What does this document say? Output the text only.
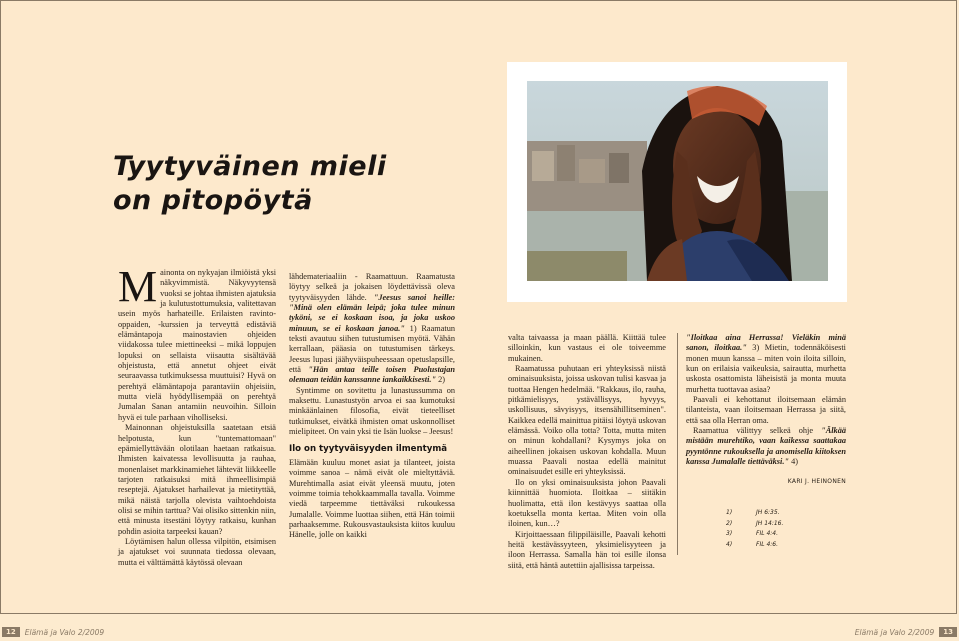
Tyytyväinen mieli
on pitopöytä

Mainonta on nykyajan ilmiöistä yksi näkyvimmistä. Näkyvyytensä vuoksi se johtaa ihmisten ajatuksia ja kulutustottumuksia, valitettavan usein myös harhateille. Erilaisten ravinto-oppaiden, -kurssien ja terveyttä edistäviä elämäntapoja mainostavien ohjeiden viidakossa tulee miettineeksi – mikä loppujen lopuksi on sellaista viisautta sisältävää ohjeistusta, että annetut ohjeet eivät seuraavassa tutkimuksessa muuttuisi? Hyvä on perehtyä elämäntapoja parantaviin ohjeisiin, mutta vielä hyödyllisempää on perehtyä Jumalan Sanan antamiin neuvoihin. Silloin hyvä ei tule parhaan viholliseksi.

Mainonnan ohjeistuksilla saatetaan etsiä helpotusta, kun "tuntemattomaan" epämiellyttävään olotilaan haetaan ratkaisua. Ihmisten kaivatessa levollisuutta ja rauhaa, monenlaiset markkinamiehet lähtevät liikkeelle tarjoten ratkaisuksi mitä ihmeellisimpiä reseptejä. Ajatukset harhailevat ja mietityttää, mikä näistä tarjolla olevista vaihtoehdoista olisi se mihin tarttua? Vai olisiko sittenkin niin, että minusta itsestäni löytyy ratkaisu, kunhan pohdin asioita tarpeeksi kauan?

Löytämisen halun ollessa vilpitön, etsimisen ja ajatukset voi suunnata tiedossa olevaan, mutta ei välttämättä käytössä olevaan

lähdemateriaaliin - Raamattuun. Raamatusta löytyy selkeä ja jokaisen löydettävissä oleva tyytyväisyyden lähde. "Jeesus sanoi heille: "Minä olen elämän leipä; joka tulee minun tyköni, se ei koskaan isoa, ja joka uskoo minuun, se ei koskaan janoa." 1) Raamatun teksti avautuu siihen tutustumisen myötä. Vähän kerrallaan, pääasia on tutustumisen tärkeys. Jeesus lupasi jäähyväispuheessaan opetuslapsille, että "Hän antaa teille toisen Puolustajan olemaan teidän kanssanne iankaikkisesti." 2)

Syntimme on sovitettu ja lunastussumma on maksettu. Lunastustyön arvoa ei saa kumotuksi minkäänlainen filosofia, eivät tieteelliset tutkimukset, eivätkä ihmisten omat uskonnolliset mielipiteet. On vain yksi tie Isän luokse – Jeesus!

Ilo on tyytyväisyyden ilmentymä

Elämään kuuluu monet asiat ja tilanteet, joista voimme sanoa – nämä eivät ole mieltyttäviä. Murehtimalla asiat eivät yleensä muutu, joten voimme toimia tehokkaammalla tavalla. Voimme viedä tarpeemme tiettäväksi rukoukessa Jumalalle. Voimme luottaa siihen, että Hän toimii parhaaksemme. Rukousvastauksista kiitos kuuluu Hänelle, jolle on kaikki

valta taivaassa ja maan päällä. Kiittää tulee silloinkin, kun vastaus ei ole toiveemme mukainen.

Raamatussa puhutaan eri yhteyksissä niistä ominaisuuksista, joissa uskovan tulisi kasvaa ja tuottaa Hengen hedelmää. "Rakkaus, ilo, rauha, pitkämielisyys, ystävällisyys, hyvyys, uskollisuus, sävyisyys, itsensähillitseminen". Kaikkea edellä mainittua pitäisi löytyä uskovan elämässä. Voiko olla totta? Totta, mutta miten on minun kohdallani? Kysymys joka on aiheellinen jokaisen uskovan kohdalla. Muun muassa Paavali nostaa edellä mainitut ominaisuudet esille eri yhteyksissä.

Ilo on yksi ominaisuuksista johon Paavali kiinnittää huomiota. Iloitkaa – siitäkin huolimatta, että ilon kestävyys saattaa olla koetuksella monta kertaa. Miten voin olla iloinen, kun…?

Kirjoittaessaan filippiläisille, Paavali kehotti heitä kestävässyyteen, yksimielisyyteen ja iloon Herrassa. Samalla hän toi esille ilonsa siitä, että häntä autettiin ajallisissa tarpeissa.

"Iloitkaa aina Herrassa! Vieläkin minä sanon, iloitkaa." 3) Mietin, todennäköisesti monen muun kanssa – miten voin iloita silloin, kun on erilaisia vaikeuksia, sairautta, murhetta uskosta osattomista läheisistä ja monta muuta murhetta tuottavaa asiaa?

Paavali ei kehottanut iloitsemaan elämän tilanteista, vaan iloitsemaan Herrassa ja siitä, että saa olla Herran oma.

Raamattua välittyy selkeä ohje "Älkää mistään murehtiko, vaan kaikessa saattakaa pyyntönne rukouksella ja anomisella kiitoksen kanssa Jumalalle tiettäväksi." 4)

KARI J. HEINONEN
1)	JH 6:35.
2)	JH 14:16.
3)	FIL 4:4.
4)	FIL 4:6.
12	Elämä ja Valo 2/2009	Elämä ja Valo 2/2009	13
